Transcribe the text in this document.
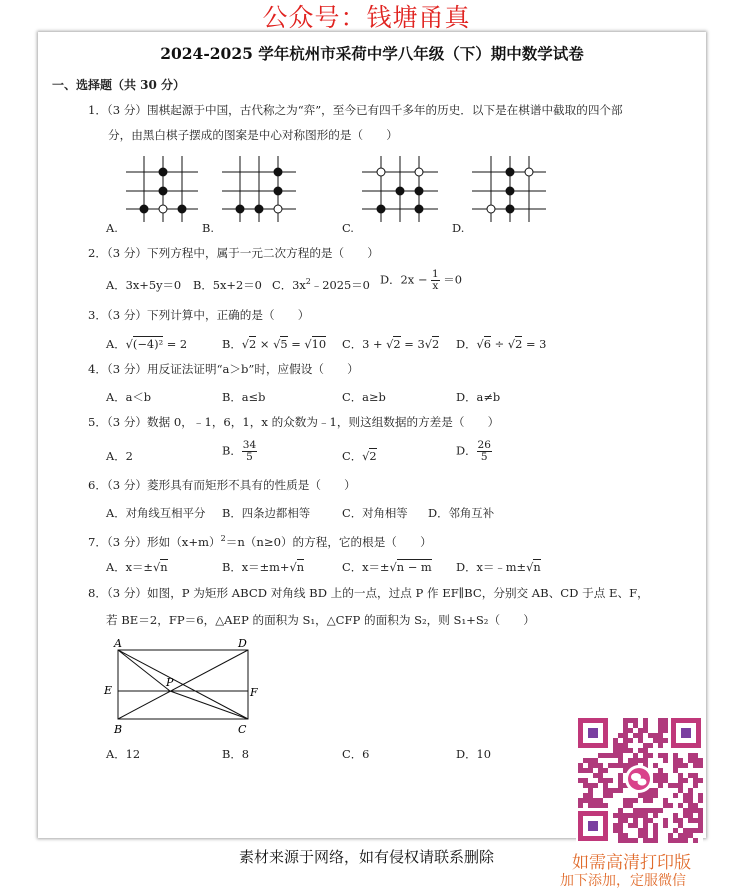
公众号：钱塘甬真
2024-2025 学年杭州市采荷中学八年级（下）期中数学试卷
一、选择题（共 30 分）
1．（3 分）围棋起源于中国，古代称之为“弈”，至今已有四千多年的历史．以下是在棋谱中截取的四个部
分，由黑白棋子摆成的图案是中心对称图形的是（　　）
A.	B.	C.	D.
2．（3 分）下列方程中，属于一元二次方程的是（　　）
A．3x+5y＝0 B．5x+2＝0 C．$3x^2﹣2025=0$ D．$2x - \frac{1}{x} =0$
3．（3 分）下列计算中，正确的是（　　）
A．√(−4)² = 2	B．√2 × √5 = √10 C．3 + √2 = 3√2 D．√6 ÷ √2 = 3
4．（3 分）用反证法证明“a＞b”时，应假设（　　）
A．a＜b	B．a≤b	C．a≥b	D．a≠b
5．（3 分）数据 0，﹣1，6，1，x 的众数为﹣1，则这组数据的方差是（　　）
A．2	B． $\frac{34}{5}$	C．√2	D． $\frac{26}{5}$
6．（3 分）菱形具有而矩形不具有的性质是（　　）
A．对角线互相平分 B．四条边都相等	C．对角相等 D．邻角互补
7．（3 分）形如$(x+m)^2=n(n\ge 0)$的方程，它的根是（　　）
A．x＝±√n	B．x＝±m+√n	C．x＝±√n − m D．x＝﹣m±√n
8．（3 分）如图，P 为矩形 ABCD 对角线 BD 上的一点，过点 P 作 EF∥BC，分别交 AB、CD 于点 E、F，
若 BE＝2，FP＝6，△AEP 的面积为 S₁，△CFP 的面积为 S₂，则 S₁+S₂（　　）
A	D
E
P
F
B	C
A．12	B．8	C．6	D．10
素材来源于网络，如有侵权请联系删除	如需高清打印版
加下添加，定服微信
